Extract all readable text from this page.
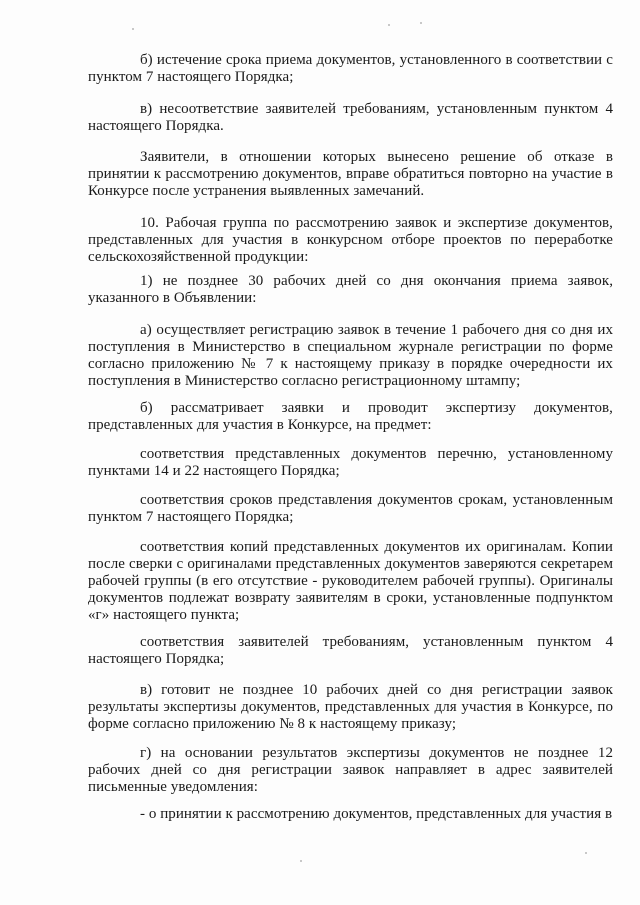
б) истечение срока приема документов, установленного в соответствии с пунктом 7 настоящего Порядка;

в) несоответствие заявителей требованиям, установленным пунктом 4 настоящего Порядка.

Заявители, в отношении которых вынесено решение об отказе в принятии к рассмотрению документов, вправе обратиться повторно на участие в Конкурсе после устранения выявленных замечаний.

10. Рабочая группа по рассмотрению заявок и экспертизе документов, представленных для участия в конкурсном отборе проектов по переработке сельскохозяйственной продукции:

1) не позднее 30 рабочих дней со дня окончания приема заявок, указанного в Объявлении:

а) осуществляет регистрацию заявок в течение 1 рабочего дня со дня их поступления в Министерство в специальном журнале регистрации по форме согласно приложению № 7 к настоящему приказу в порядке очередности их поступления в Министерство согласно регистрационному штампу;

б) рассматривает заявки и проводит экспертизу документов, представленных для участия в Конкурсе, на предмет:

соответствия представленных документов перечню, установленному пунктами 14 и 22 настоящего Порядка;

соответствия сроков представления документов срокам, установленным пунктом 7 настоящего Порядка;

соответствия копий представленных документов их оригиналам. Копии после сверки с оригиналами представленных документов заверяются секретарем рабочей группы (в его отсутствие - руководителем рабочей группы). Оригиналы документов подлежат возврату заявителям в сроки, установленные подпунктом «г» настоящего пункта;

соответствия заявителей требованиям, установленным пунктом 4 настоящего Порядка;

в) готовит не позднее 10 рабочих дней со дня регистрации заявок результаты экспертизы документов, представленных для участия в Конкурсе, по форме согласно приложению № 8 к настоящему приказу;

г) на основании результатов экспертизы документов не позднее 12 рабочих дней со дня регистрации заявок направляет в адрес заявителей письменные уведомления:

- о принятии к рассмотрению документов, представленных для участия в
